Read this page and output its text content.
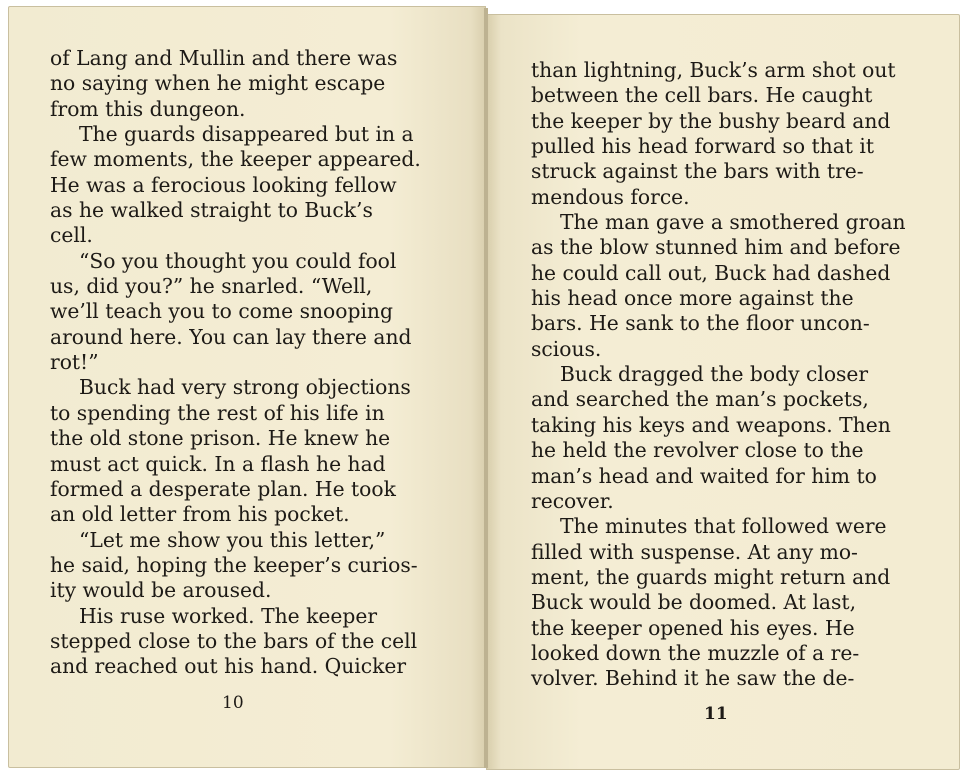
of Lang and Mullin and there was
no saying when he might escape
from this dungeon.
The guards disappeared but in a
few moments, the keeper appeared.
He was a ferocious looking fellow
as he walked straight to Buck’s
cell.
“So you thought you could fool
us, did you?” he snarled. “Well,
we’ll teach you to come snooping
around here. You can lay there and
rot!”
Buck had very strong objections
to spending the rest of his life in
the old stone prison. He knew he
must act quick. In a flash he had
formed a desperate plan. He took
an old letter from his pocket.
“Let me show you this letter,”
he said, hoping the keeper’s curios-
ity would be aroused.
His ruse worked. The keeper
stepped close to the bars of the cell
and reached out his hand. Quicker
than lightning, Buck’s arm shot out
between the cell bars. He caught
the keeper by the bushy beard and
pulled his head forward so that it
struck against the bars with tre-
mendous force.
The man gave a smothered groan
as the blow stunned him and before
he could call out, Buck had dashed
his head once more against the
bars. He sank to the floor uncon-
scious.
Buck dragged the body closer
and searched the man’s pockets,
taking his keys and weapons. Then
he held the revolver close to the
man’s head and waited for him to
recover.
The minutes that followed were
filled with suspense. At any mo-
ment, the guards might return and
Buck would be doomed. At last,
the keeper opened his eyes. He
looked down the muzzle of a re-
volver. Behind it he saw the de-
10
11
